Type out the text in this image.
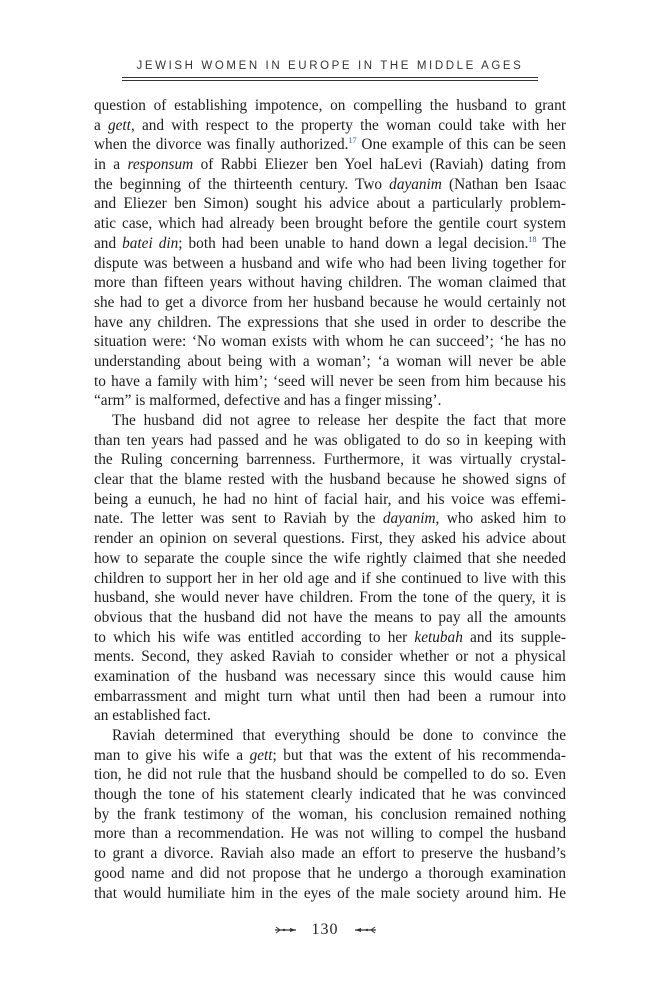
JEWISH WOMEN IN EUROPE IN THE MIDDLE AGES
question of establishing impotence, on compelling the husband to grant
a gett, and with respect to the property the woman could take with her
when the divorce was finally authorized.$^{17}$ One example of this can be seen
in a responsum of Rabbi Eliezer ben Yoel haLevi (Raviah) dating from
the beginning of the thirteenth century. Two dayanim (Nathan ben Isaac
and Eliezer ben Simon) sought his advice about a particularly problem-
atic case, which had already been brought before the gentile court system
and batei din; both had been unable to hand down a legal decision.$^{18}$ The
dispute was between a husband and wife who had been living together for
more than fifteen years without having children. The woman claimed that
she had to get a divorce from her husband because he would certainly not
have any children. The expressions that she used in order to describe the
situation were: ‘No woman exists with whom he can succeed’; ‘he has no
understanding about being with a woman’; ‘a woman will never be able
to have a family with him’; ‘seed will never be seen from him because his
“arm” is malformed, defective and has a finger missing’.
The husband did not agree to release her despite the fact that more
than ten years had passed and he was obligated to do so in keeping with
the Ruling concerning barrenness. Furthermore, it was virtually crystal-
clear that the blame rested with the husband because he showed signs of
being a eunuch, he had no hint of facial hair, and his voice was effemi-
nate. The letter was sent to Raviah by the dayanim, who asked him to
render an opinion on several questions. First, they asked his advice about
how to separate the couple since the wife rightly claimed that she needed
children to support her in her old age and if she continued to live with this
husband, she would never have children. From the tone of the query, it is
obvious that the husband did not have the means to pay all the amounts
to which his wife was entitled according to her ketubah and its supple-
ments. Second, they asked Raviah to consider whether or not a physical
examination of the husband was necessary since this would cause him
embarrassment and might turn what until then had been a rumour into
an established fact.
Raviah determined that everything should be done to convince the
man to give his wife a gett; but that was the extent of his recommenda-
tion, he did not rule that the husband should be compelled to do so. Even
though the tone of his statement clearly indicated that he was convinced
by the frank testimony of the woman, his conclusion remained nothing
more than a recommendation. He was not willing to compel the husband
to grant a divorce. Raviah also made an effort to preserve the husband’s
good name and did not propose that he undergo a thorough examination
that would humiliate him in the eyes of the male society around him. He
130
